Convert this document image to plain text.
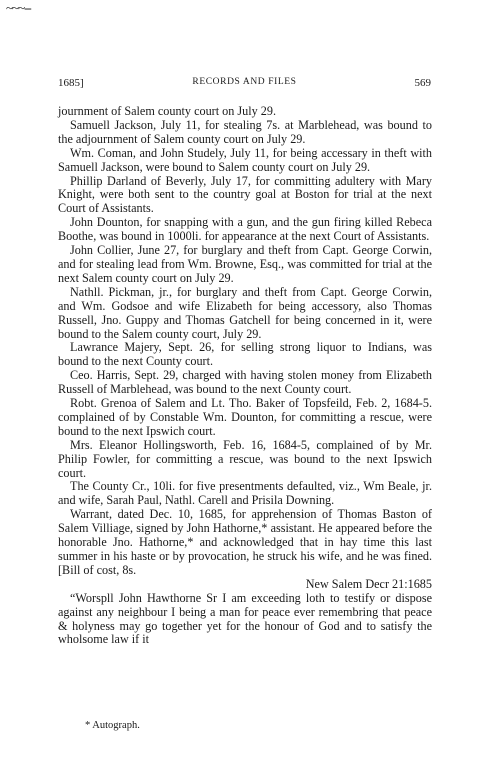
~~~--
1685]	RECORDS AND FILES	569

journment of Salem county court on July 29.

Samuell Jackson, July 11, for stealing 7s. at Marblehead, was bound to the adjournment of Salem county court on July 29.

Wm. Coman, and John Studely, July 11, for being accessary in theft with Samuell Jackson, were bound to Salem county court on July 29.

Phillip Darland of Beverly, July 17, for committing adultery with Mary Knight, were both sent to the country goal at Boston for trial at the next Court of Assistants.

John Dounton, for snapping with a gun, and the gun firing killed Rebeca Boothe, was bound in 1000li. for appearance at the next Court of Assistants.

John Collier, June 27, for burglary and theft from Capt. George Corwin, and for stealing lead from Wm. Browne, Esq., was committed for trial at the next Salem county court on July 29.

Nathll. Pickman, jr., for burglary and theft from Capt. George Corwin, and Wm. Godsoe and wife Elizabeth for being accessory, also Thomas Russell, Jno. Guppy and Thomas Gatchell for being concerned in it, were bound to the Salem county court, July 29.

Lawrance Majery, Sept. 26, for selling strong liquor to Indians, was bound to the next County court.

Ceo. Harris, Sept. 29, charged with having stolen money from Elizabeth Russell of Marblehead, was bound to the next County court.

Robt. Grenoa of Salem and Lt. Tho. Baker of Topsfeild, Feb. 2, 1684-5. complained of by Constable Wm. Dounton, for committing a rescue, were bound to the next Ipswich court.

Mrs. Eleanor Hollingsworth, Feb. 16, 1684-5, complained of by Mr. Philip Fowler, for committing a rescue, was bound to the next Ipswich court.

The County Cr., 10li. for five presentments defaulted, viz., Wm Beale, jr. and wife, Sarah Paul, Nathl. Carell and Prisila Downing.

Warrant, dated Dec. 10, 1685, for apprehension of Thomas Baston of Salem Villiage, signed by John Hathorne,* assistant. He appeared before the honorable Jno. Hathorne,* and acknowledged that in hay time this last summer in his haste or by provocation, he struck his wife, and he was fined. [Bill of cost, 8s.

New Salem Decr 21:1685

“Worspll John Hawthorne Sr I am exceeding loth to testify or dispose against any neighbour I being a man for peace ever remembring that peace & holyness may go together yet for the honour of God and to satisfy the wholsome law if it

* Autograph.
